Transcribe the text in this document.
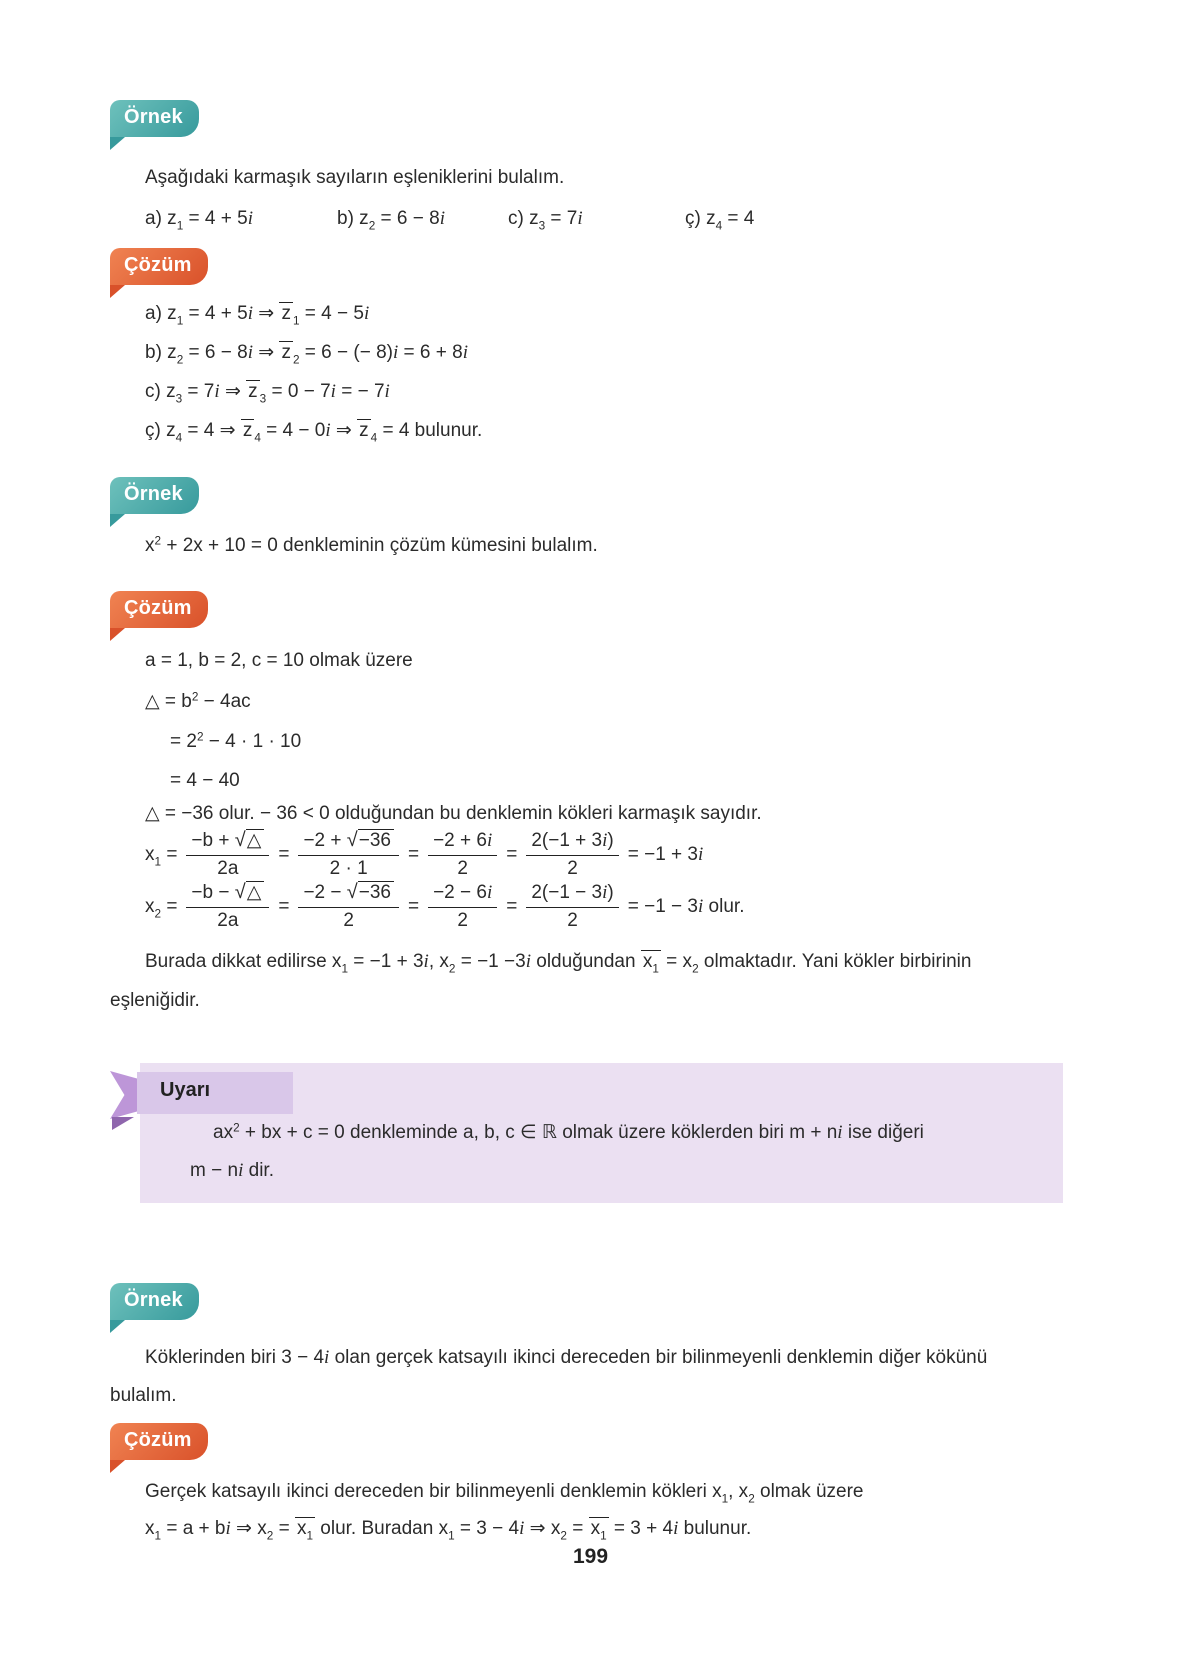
Örnek
Aşağıdaki karmaşık sayıların eşleniklerini bulalım.
a) $z_1 = 4 + 5i$	b) $z_2 = 6 - 8i$	c) $z_3 = 7i$	ç) $z_4 = 4$
Çözüm
a) $z_1 = 4 + 5i$ ⇒ z $_1$ = 4 − 5i
b) $z_2 = 6 - 8i$ ⇒ z $_2$ = 6 − (− 8)i = 6 + 8i
c) $z_3 = 7i$ ⇒ z $_3$ = 0 − 7i = − 7i
ç) $z_4 = 4$ ⇒ z $_4$ = 4 − 0i ⇒ z $_4$ = 4 bulunur.
Örnek
$x^2 + 2x + 10 = 0$ denkleminin çözüm kümesini bulalım.
Çözüm
a = 1, b = 2, c = 10 olmak üzere
△ = $b^2 - 4ac$
= $2^2 - 4 \cdot 1 \cdot 10$
= 4 − 40
△ = −36 olur. − 36 < 0 olduğundan bu denklemin kökleri karmaşık sayıdır.
$x_1 = \frac{-b + √\triangle}{2a} = \frac{-2 + √-36}{2 \cdot 1} = \frac{-2 + 6i}{2} = \frac{2(-1 + 3i)}{2} = -1 + 3i$
$x_2 = \frac{-b - √\triangle}{2a} = \frac{-2 - √-36}{2} = \frac{-2 - 6i}{2} = \frac{2(-1 - 3i)}{2} = -1 - 3i$ olur.
Burada dikkat edilirse $x_1 = -1 + 3i$, $x_2 = -1 -3i$ olduğundan $x_1 = x_2$ olmaktadır. Yani kökler birbirinin
eşleniğidir.
Uyarı
$ax^2$ + bx + c = 0 denkleminde a, b, c ∈ ℝ olmak üzere köklerden biri m + ni ise diğeri
m − ni dir.
Örnek
Köklerinden biri 3 − 4i olan gerçek katsayılı ikinci dereceden bir bilinmeyenli denklemin diğer kökünü
bulalım.
Çözüm
Gerçek katsayılı ikinci dereceden bir bilinmeyenli denklemin kökleri $x_1$, $x_2$ olmak üzere
$x_1 = a$ + bi ⇒ $x_2 = x_1$ olur. Buradan $x_1 = 3 - 4i$ ⇒ $x_2 = x_1 = 3 + 4i$ bulunur.
199
